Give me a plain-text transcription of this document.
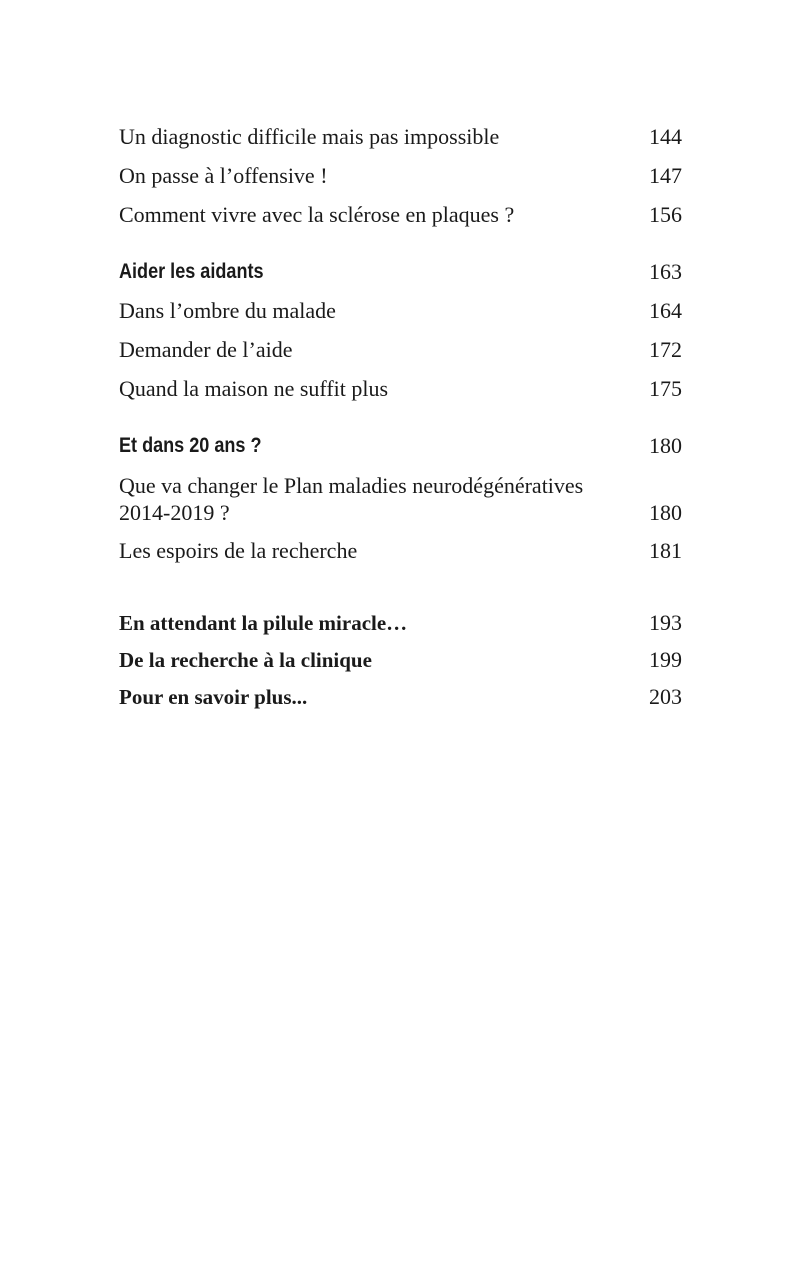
Un diagnostic difficile mais pas impossible	144
On passe à l’offensive !	147
Comment vivre avec la sclérose en plaques ?	156
Aider les aidants	163
Dans l’ombre du malade	164
Demander de l’aide	172
Quand la maison ne suffit plus	175
Et dans 20 ans ?	180
Que va changer le Plan maladies neurodégénératives
2014-2019 ?	180
Les espoirs de la recherche	181
En attendant la pilule miracle…	193
De la recherche à la clinique	199
Pour en savoir plus...	203
